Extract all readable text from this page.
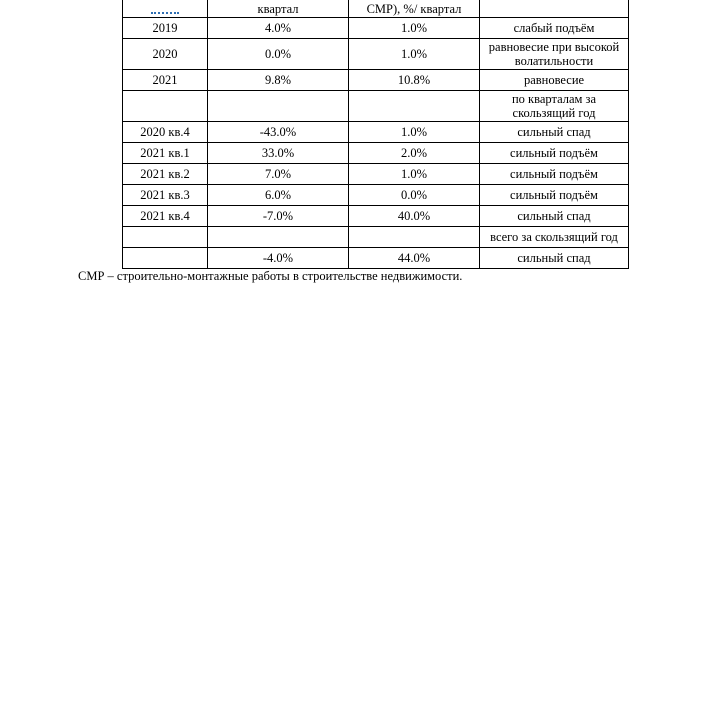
	квартал	СМР), %/ квартал	

2019	4.0%	1.0%	слабый подъём
2020	0.0%	1.0%	равновесие при высокой волатильности
2021	9.8%	10.8%	равновесие
			по кварталам за скользящий год
2020 кв.4	-43.0%	1.0%	сильный спад
2021 кв.1	33.0%	2.0%	сильный подъём
2021 кв.2	7.0%	1.0%	сильный подъём
2021 кв.3	6.0%	0.0%	сильный подъём
2021 кв.4	-7.0%	40.0%	сильный спад
			всего за скользящий год
	-4.0%	44.0%	сильный спад
СМР – строительно-монтажные работы в строительстве недвижимости.
